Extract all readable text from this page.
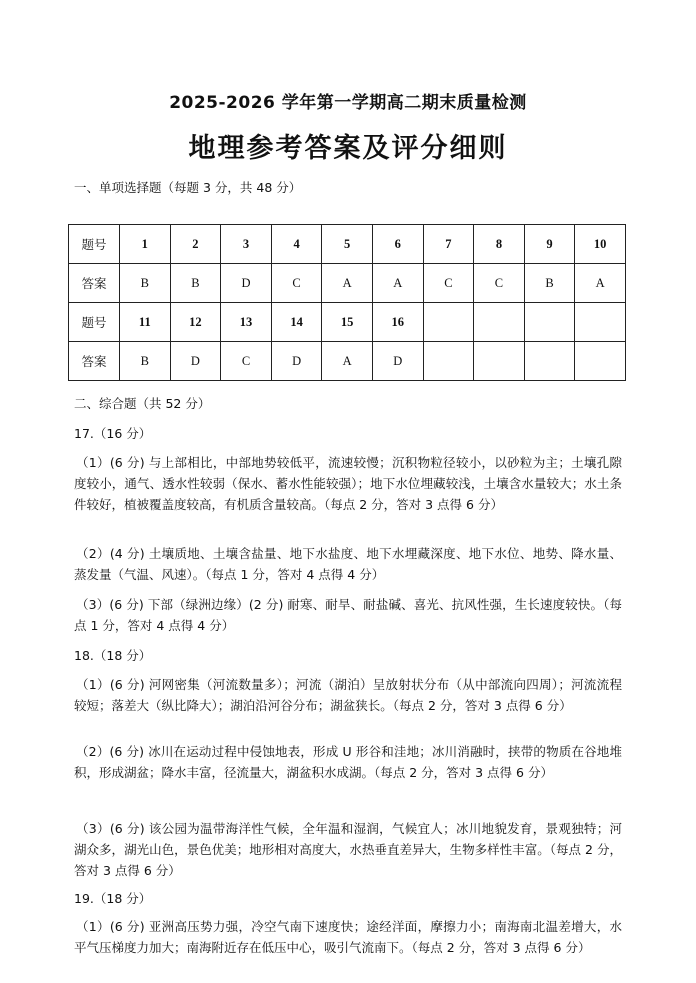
2025-2026 学年第一学期高二期末质量检测
地理参考答案及评分细则
一、单项选择题（每题 3 分，共 48 分）
题号	1	2	3	4	5	6	7	8	9	10
答案	B	B	D	C	A	A	C	C	B	A
题号	11	12	13	14	15	16				
答案	B	D	C	D	A	D				
二、综合题（共 52 分）
17.（16 分）
（1）(6 分) 与上部相比，中部地势较低平，流速较慢；沉积物粒径较小，以砂粒为主；土壤孔隙度较小，通气、透水性较弱（保水、蓄水性能较强）；地下水位埋藏较浅，土壤含水量较大；水土条件较好，植被覆盖度较高，有机质含量较高。（每点 2 分，答对 3 点得 6 分）
（2）(4 分) 土壤质地、土壤含盐量、地下水盐度、地下水埋藏深度、地下水位、地势、降水量、蒸发量（气温、风速）。（每点 1 分，答对 4 点得 4 分）
（3）(6 分) 下部（绿洲边缘）(2 分) 耐寒、耐旱、耐盐碱、喜光、抗风性强，生长速度较快。（每点 1 分，答对 4 点得 4 分）
18.（18 分）
（1）(6 分) 河网密集（河流数量多）；河流（湖泊）呈放射状分布（从中部流向四周）；河流流程较短；落差大（纵比降大）；湖泊沿河谷分布；湖盆狭长。（每点 2 分，答对 3 点得 6 分）
（2）(6 分) 冰川在运动过程中侵蚀地表，形成 U 形谷和洼地；冰川消融时，挟带的物质在谷地堆积，形成湖盆；降水丰富，径流量大，湖盆积水成湖。（每点 2 分，答对 3 点得 6 分）
（3）(6 分) 该公园为温带海洋性气候，全年温和湿润，气候宜人；冰川地貌发育，景观独特；河湖众多，湖光山色，景色优美；地形相对高度大，水热垂直差异大，生物多样性丰富。（每点 2 分，答对 3 点得 6 分）
19.（18 分）
（1）(6 分) 亚洲高压势力强，冷空气南下速度快；途经洋面，摩擦力小；南海南北温差增大，水平气压梯度力加大；南海附近存在低压中心，吸引气流南下。（每点 2 分，答对 3 点得 6 分）
